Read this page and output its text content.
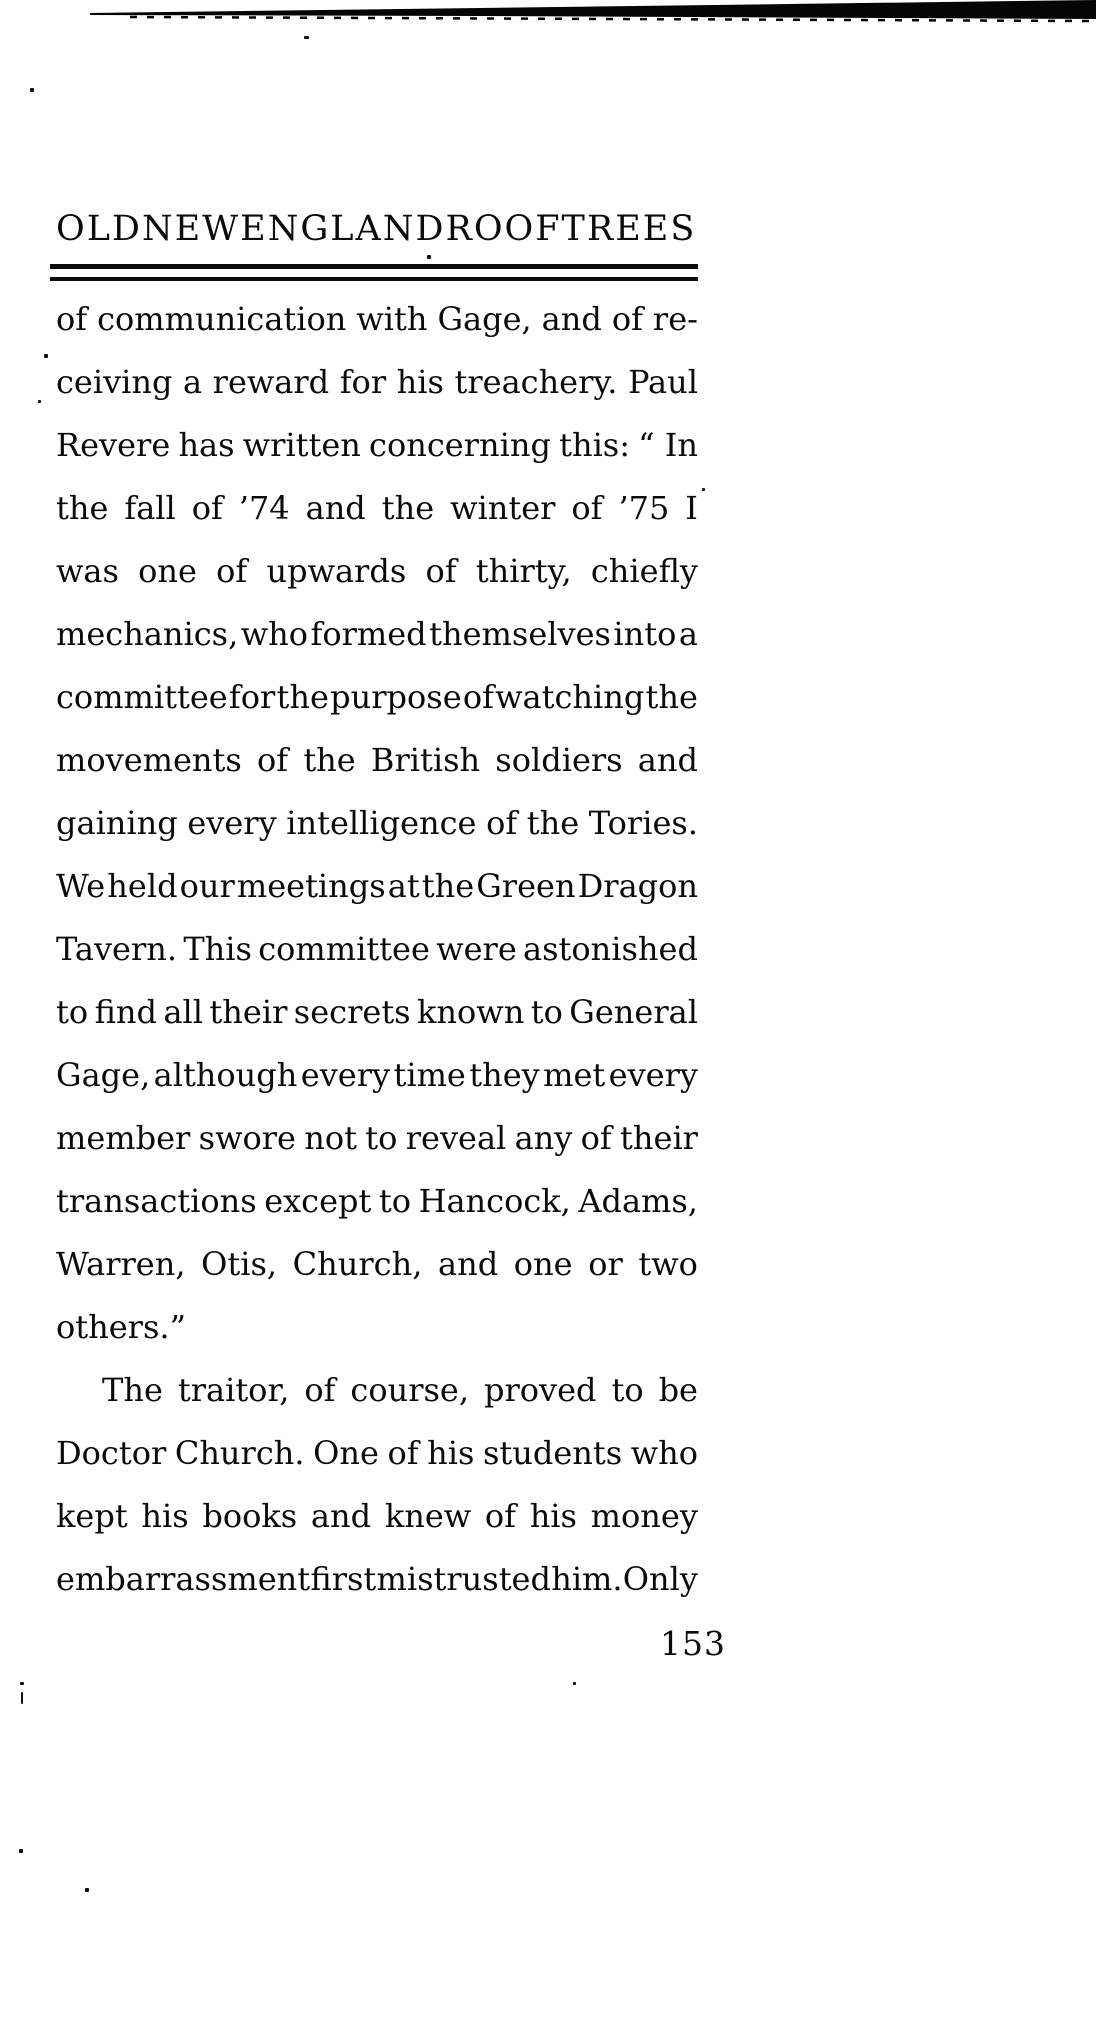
OLD NEW ENGLAND ROOFTREES
of communication with Gage, and of re-
ceiving a reward for his treachery. Paul
Revere has written concerning this: “ In
the fall of ’74 and the winter of ’75 I
was one of upwards of thirty, chiefly
mechanics, who formed themselves into a
committee for the purpose of watching the
movements of the British soldiers and
gaining every intelligence of the Tories.
We held our meetings at the Green Dragon
Tavern. This committee were astonished
to find all their secrets known to General
Gage, although every time they met every
member swore not to reveal any of their
transactions except to Hancock, Adams,
Warren, Otis, Church, and one or two
others.”
The traitor, of course, proved to be
Doctor Church. One of his students who
kept his books and knew of his money
embarrassment first mistrusted him. Only
153
